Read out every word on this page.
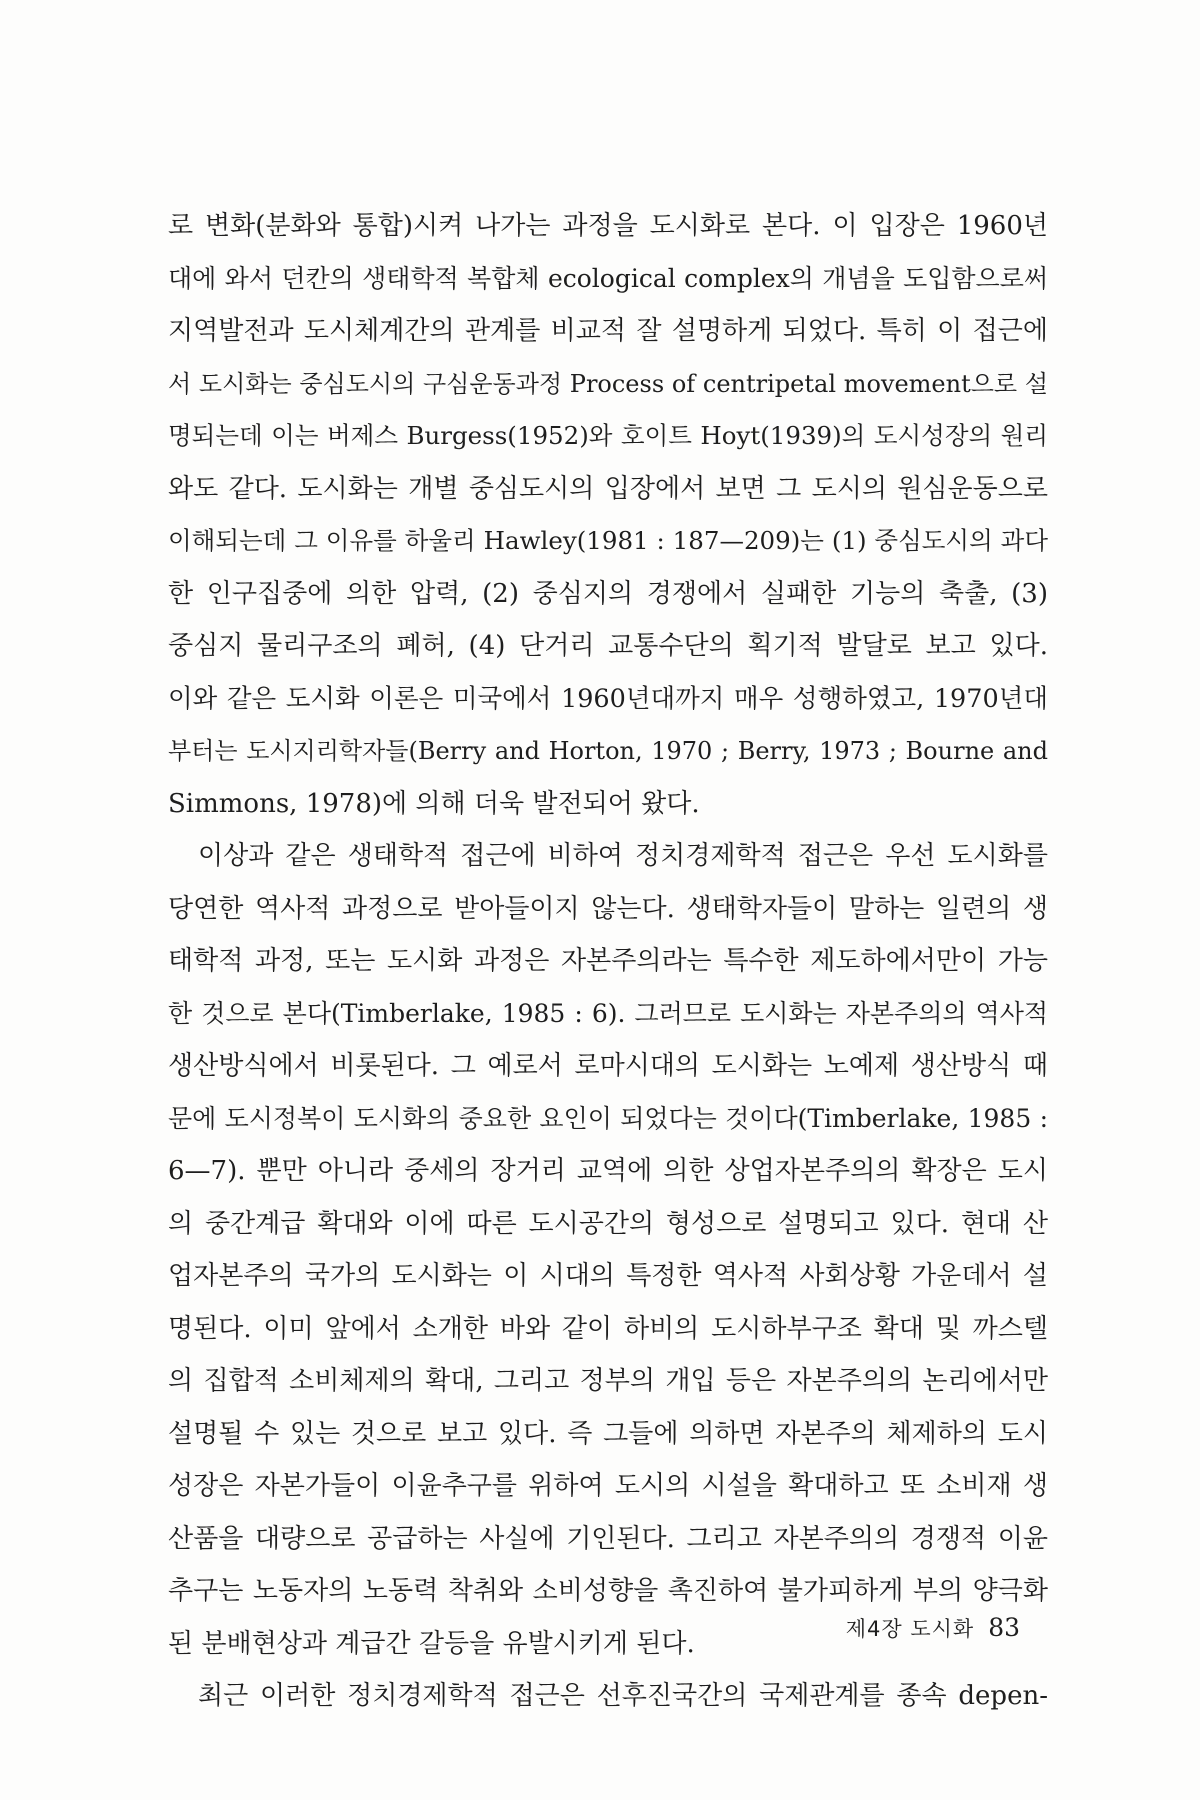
로 변화(분화와 통합)시켜 나가는 과정을 도시화로 본다. 이 입장은 1960년
대에 와서 던칸의 생태학적 복합체 ecological complex의 개념을 도입함으로써
지역발전과 도시체계간의 관계를 비교적 잘 설명하게 되었다. 특히 이 접근에
서 도시화는 중심도시의 구심운동과정 Process of centripetal movement으로 설
명되는데 이는 버제스 Burgess(1952)와 호이트 Hoyt(1939)의 도시성장의 원리
와도 같다. 도시화는 개별 중심도시의 입장에서 보면 그 도시의 원심운동으로
이해되는데 그 이유를 하울리 Hawley(1981 : 187—209)는 (1) 중심도시의 과다
한 인구집중에 의한 압력, (2) 중심지의 경쟁에서 실패한 기능의 축출, (3)
중심지 물리구조의 폐허, (4) 단거리 교통수단의 획기적 발달로 보고 있다.
이와 같은 도시화 이론은 미국에서 1960년대까지 매우 성행하였고, 1970년대
부터는 도시지리학자들(Berry and Horton, 1970 ; Berry, 1973 ; Bourne and
Simmons, 1978)에 의해 더욱 발전되어 왔다.
이상과 같은 생태학적 접근에 비하여 정치경제학적 접근은 우선 도시화를
당연한 역사적 과정으로 받아들이지 않는다. 생태학자들이 말하는 일련의 생
태학적 과정, 또는 도시화 과정은 자본주의라는 특수한 제도하에서만이 가능
한 것으로 본다(Timberlake, 1985 : 6). 그러므로 도시화는 자본주의의 역사적
생산방식에서 비롯된다. 그 예로서 로마시대의 도시화는 노예제 생산방식 때
문에 도시정복이 도시화의 중요한 요인이 되었다는 것이다(Timberlake, 1985 :
6—7). 뿐만 아니라 중세의 장거리 교역에 의한 상업자본주의의 확장은 도시
의 중간계급 확대와 이에 따른 도시공간의 형성으로 설명되고 있다. 현대 산
업자본주의 국가의 도시화는 이 시대의 특정한 역사적 사회상황 가운데서 설
명된다. 이미 앞에서 소개한 바와 같이 하비의 도시하부구조 확대 및 까스텔
의 집합적 소비체제의 확대, 그리고 정부의 개입 등은 자본주의의 논리에서만
설명될 수 있는 것으로 보고 있다. 즉 그들에 의하면 자본주의 체제하의 도시
성장은 자본가들이 이윤추구를 위하여 도시의 시설을 확대하고 또 소비재 생
산품을 대량으로 공급하는 사실에 기인된다. 그리고 자본주의의 경쟁적 이윤
추구는 노동자의 노동력 착취와 소비성향을 촉진하여 불가피하게 부의 양극화
된 분배현상과 계급간 갈등을 유발시키게 된다.
최근 이러한 정치경제학적 접근은 선후진국간의 국제관계를 종속 depen-
제4장 도시화 83
